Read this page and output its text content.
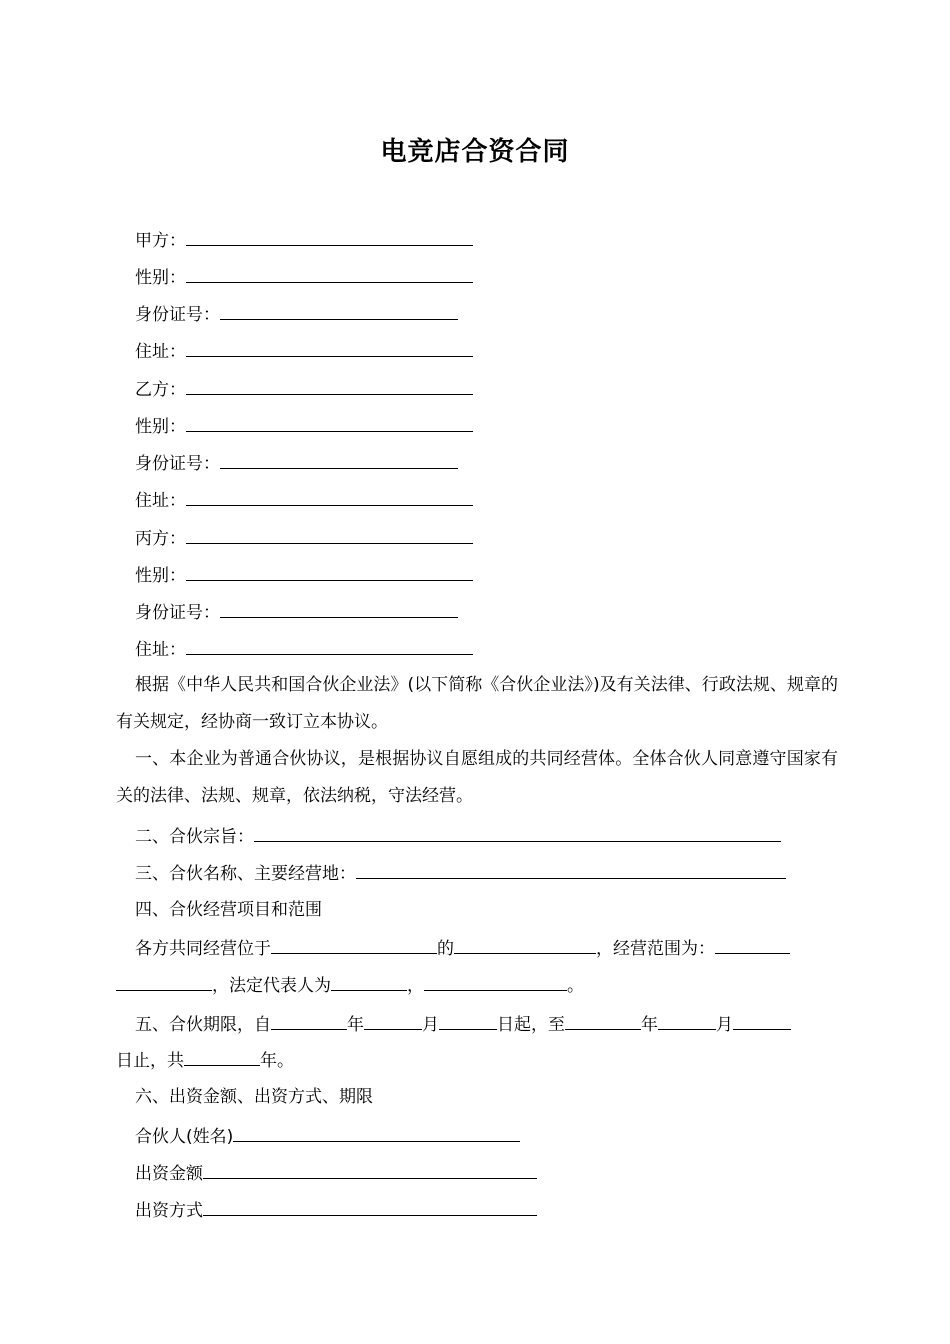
电竞店合资合同
甲方：
性别：
身份证号：
住址：
乙方：
性别：
身份证号：
住址：
丙方：
性别：
身份证号：
住址：
根据《中华人民共和国合伙企业法》(以下简称《合伙企业法》)及有关法律、行政法规、规章的有关规定，经协商一致订立本协议。
一、本企业为普通合伙协议，是根据协议自愿组成的共同经营体。全体合伙人同意遵守国家有关的法律、法规、规章，依法纳税，守法经营。
二、合伙宗旨：
三、合伙名称、主要经营地：
四、合伙经营项目和范围
各方共同经营位于	的	，经营范围为：
，法定代表人为	，	。
五、合伙期限，自	年	月	日起，至	年	月
日止，共	年。
六、出资金额、出资方式、期限
合伙人(姓名)
出资金额
出资方式
